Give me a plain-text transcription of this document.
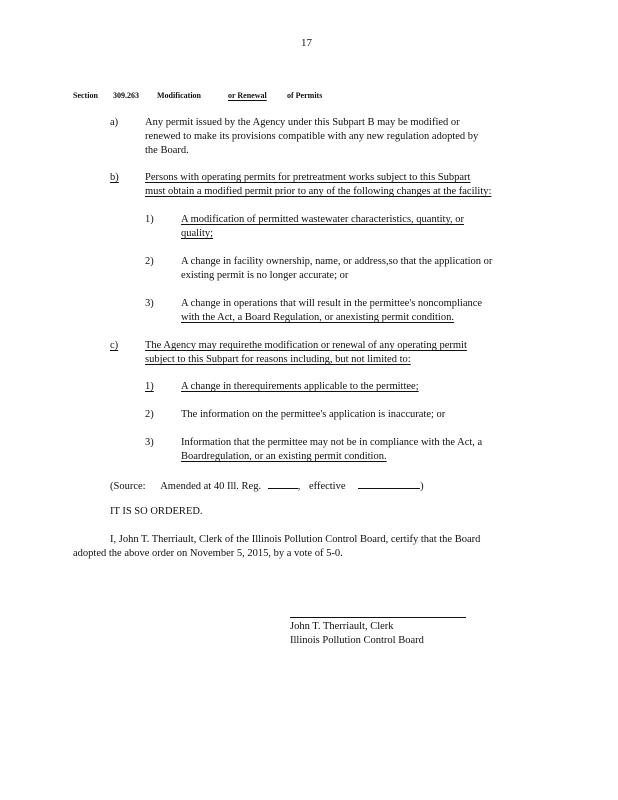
17
Section 309.263 Modification	or Renewal	of Permits
a)	Any permit issued by the Agency under this Subpart B may be modified or
renewed to make its provisions compatible with any new regulation adopted by
the Board.
b)	Persons with operating permits for pretreatment works subject to this Subpart
must obtain a modified permit prior to any of the following changes at the facility:
1)	A modification of permitted wastewater characteristics, quantity, or
quality;
2)	A change in facility ownership, name, or address,so that the application or
existing permit is no longer accurate; or
3)	A change in operations that will result in the permittee's noncompliance
with the Act, a Board Regulation, or anexisting permit condition.
c)	The Agency may requirethe modification or renewal of any operating permit
subject to this Subpart for reasons including, but not limited to:
1)	A change in therequirements applicable to the permittee;
2)	The information on the permittee's application is inaccurate; or
3)	Information that the permittee may not be in compliance with the Act, a
Boardregulation, or an existing permit condition.
(Source: Amended at 40 Ill. Reg.	, effective	)
IT IS SO ORDERED.
I, John T. Therriault, Clerk of the Illinois Pollution Control Board, certify that the Board
adopted the above order on November 5, 2015, by a vote of 5-0.
John T. Therriault, Clerk
Illinois Pollution Control Board
